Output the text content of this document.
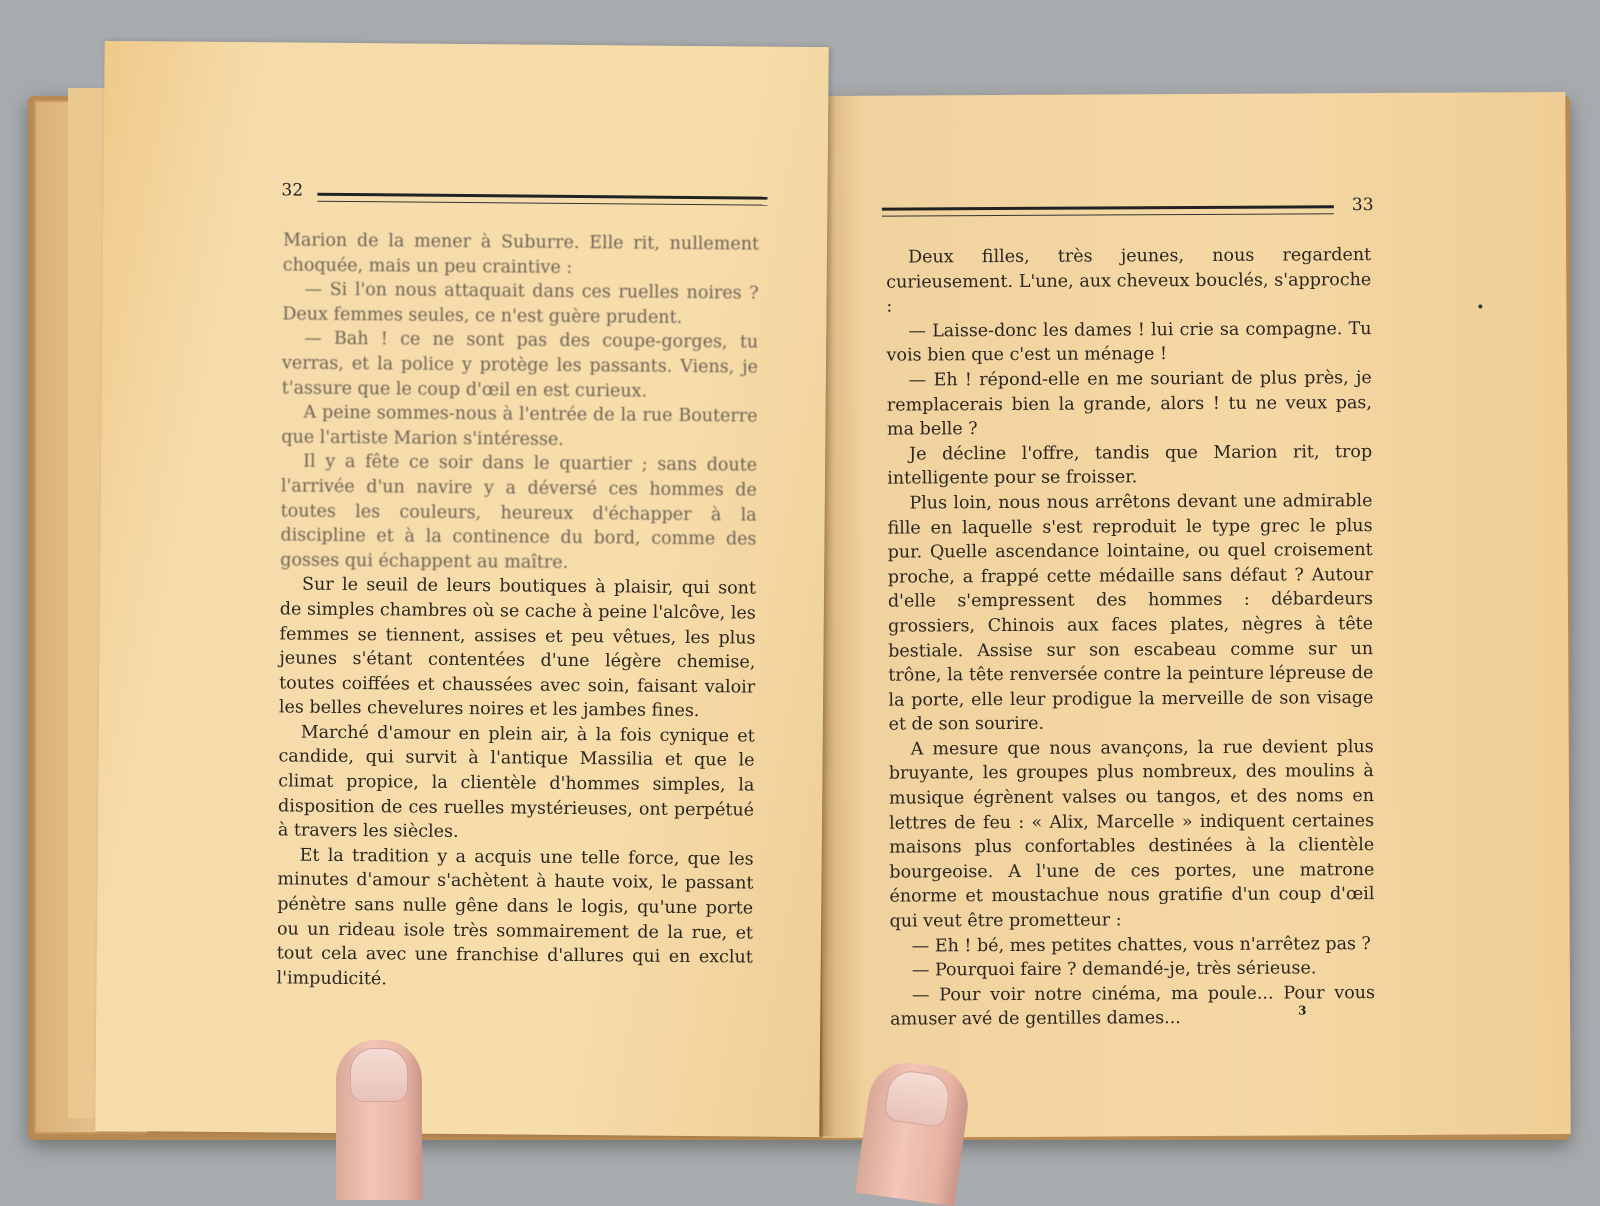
33

Deux filles, très jeunes, nous regardent curieusement. L'une, aux cheveux bouclés, s'approche :

— Laisse-donc les dames ! lui crie sa compagne. Tu vois bien que c'est un ménage !

— Eh ! répond-elle en me souriant de plus près, je remplacerais bien la grande, alors ! tu ne veux pas, ma belle ?

Je décline l'offre, tandis que Marion rit, trop intelligente pour se froisser.

Plus loin, nous nous arrêtons devant une admirable fille en laquelle s'est reproduit le type grec le plus pur. Quelle ascendance lointaine, ou quel croisement proche, a frappé cette médaille sans défaut ? Autour d'elle s'empressent des hommes : débardeurs grossiers, Chinois aux faces plates, nègres à tête bestiale. Assise sur son escabeau comme sur un trône, la tête renversée contre la peinture lépreuse de la porte, elle leur prodigue la merveille de son visage et de son sourire.

A mesure que nous avançons, la rue devient plus bruyante, les groupes plus nombreux, des moulins à musique égrènent valses ou tangos, et des noms en lettres de feu : « Alix, Marcelle » indiquent certaines maisons plus confortables destinées à la clientèle bourgeoise. A l'une de ces portes, une matrone énorme et moustachue nous gratifie d'un coup d'œil qui veut être prometteur :

— Eh ! bé, mes petites chattes, vous n'arrêtez pas ?

— Pourquoi faire ? demandé-je, très sérieuse.

— Pour voir notre cinéma, ma poule... Pour vous amuser avé de gentilles dames...	3
32

Marion de la mener à Suburre. Elle rit, nullement choquée, mais un peu craintive :

— Si l'on nous attaquait dans ces ruelles noires ? Deux femmes seules, ce n'est guère prudent.

— Bah ! ce ne sont pas des coupe-gorges, tu verras, et la police y protège les passants. Viens, je t'assure que le coup d'œil en est curieux.

A peine sommes-nous à l'entrée de la rue Bouterre que l'artiste Marion s'intéresse.

Il y a fête ce soir dans le quartier ; sans doute l'arrivée d'un navire y a déversé ces hommes de toutes les couleurs, heureux d'échapper à la discipline et à la continence du bord, comme des gosses qui échappent au maître.

Sur le seuil de leurs boutiques à plaisir, qui sont de simples chambres où se cache à peine l'alcôve, les femmes se tiennent, assises et peu vêtues, les plus jeunes s'étant contentées d'une légère chemise, toutes coiffées et chaussées avec soin, faisant valoir les belles chevelures noires et les jambes fines.

Marché d'amour en plein air, à la fois cynique et candide, qui survit à l'antique Massilia et que le climat propice, la clientèle d'hommes simples, la disposition de ces ruelles mystérieuses, ont perpétué à travers les siècles.

Et la tradition y a acquis une telle force, que les minutes d'amour s'achètent à haute voix, le passant pénètre sans nulle gêne dans le logis, qu'une porte ou un rideau isole très sommairement de la rue, et tout cela avec une franchise d'allures qui en exclut l'impudicité.
